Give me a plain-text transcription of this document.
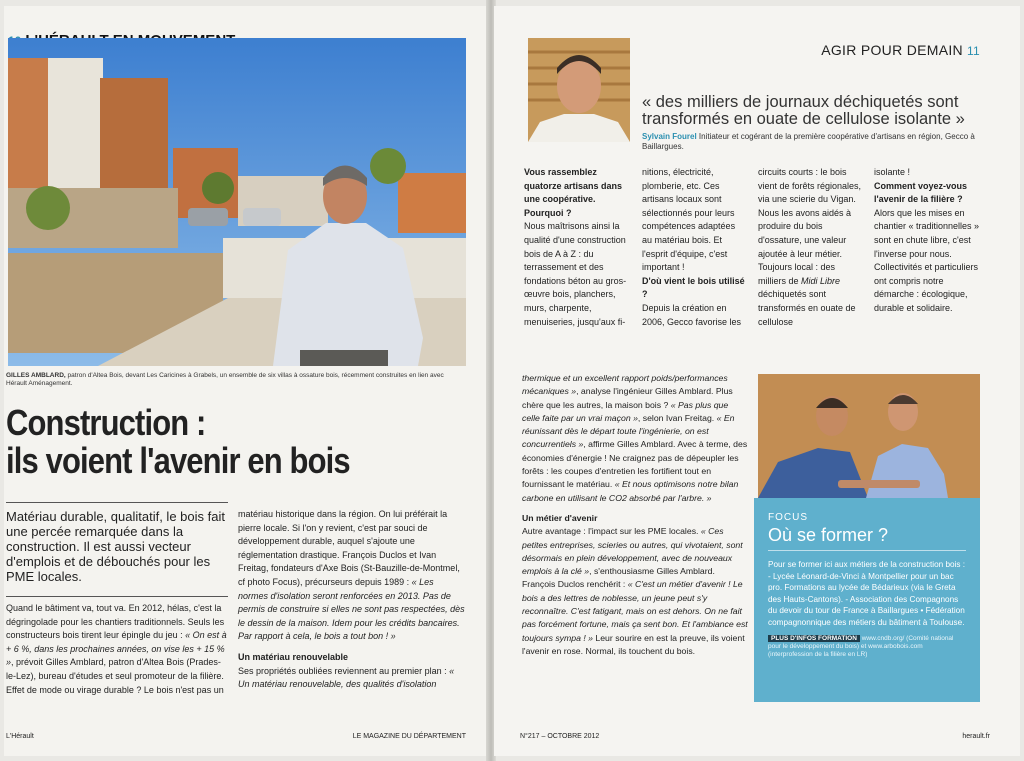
GILLES AMBLARD, patron d'Altea Bois, devant Les Caricines à Grabels, un ensemble de six villas à ossature bois, récemment construites en lien avec Hérault Aménagement.
Construction :
ils voient l'avenir en bois
Matériau durable, qualitatif, le bois fait une percée remarquée dans la construction. Il est aussi vecteur d'emplois et de débouchés pour les PME locales.
Quand le bâtiment va, tout va. En 2012, hélas, c'est la dégringolade pour les chantiers traditionnels. Seuls les constructeurs bois tirent leur épingle du jeu : « On est à + 6 %, dans les prochaines années, on vise les + 15 % », prévoit Gilles Amblard, patron d'Altea Bois (Prades-le-Lez), bureau d'études et seul promoteur de la filière. Effet de mode ou virage durable ? Le bois n'est pas un
matériau historique dans la région. On lui préférait la pierre locale. Si l'on y revient, c'est par souci de développement durable, auquel s'ajoute une réglementation drastique. François Duclos et Ivan Freitag, fondateurs d'Axe Bois (St-Bauzille-de-Montmel, cf photo Focus), précurseurs depuis 1989 : « Les normes d'isolation seront renforcées en 2013. Pas de permis de construire si elles ne sont pas respectées, dès le dessin de la maison. Idem pour les crédits bancaires. Par rapport à cela, le bois a tout bon ! »
Un matériau renouvelable
Ses propriétés oubliées reviennent au premier plan : « Un matériau renouvelable, des qualités d'isolation
L'Hérault	LE MAGAZINE DU DÉPARTEMENT
AGIR POUR DEMAIN 11
« des milliers de journaux déchiquetés sont transformés en ouate de cellulose isolante »
Sylvain Fourel Initiateur et cogérant de la première coopérative d'artisans en région, Gecco à Baillargues.
Vous rassemblez quatorze artisans dans une coopérative. Pourquoi ?
Nous maîtrisons ainsi la qualité d'une construction bois de A à Z : du terrassement et des fondations béton au gros-œuvre bois, planchers, murs, charpente, menuiseries, jusqu'aux fi-
nitions, électricité, plomberie, etc. Ces artisans locaux sont sélectionnés pour leurs compétences adaptées au matériau bois. Et l'esprit d'équipe, c'est important !
D'où vient le bois utilisé ?
Depuis la création en 2006, Gecco favorise les
circuits courts : le bois vient de forêts régionales, via une scierie du Vigan. Nous les avons aidés à produire du bois d'ossature, une valeur ajoutée à leur métier. Toujours local : des milliers de Midi Libre déchiquetés sont transformés en ouate de cellulose
isolante !
Comment voyez-vous l'avenir de la filière ?
Alors que les mises en chantier « traditionnelles » sont en chute libre, c'est l'inverse pour nous. Collectivités et particuliers ont compris notre démarche : écologique, durable et solidaire.
thermique et un excellent rapport poids/performances mécaniques », analyse l'ingénieur Gilles Amblard. Plus chère que les autres, la maison bois ? « Pas plus que celle faite par un vrai maçon », selon Ivan Freitag. « En réunissant dès le départ toute l'ingénierie, on est concurrentiels », affirme Gilles Amblard. Avec à terme, des économies d'énergie ! Ne craignez pas de dépeupler les forêts : les coupes d'entretien les fortifient tout en fournissant le matériau. « Et nous optimisons notre bilan carbone en utilisant le CO2 absorbé par l'arbre. »
Un métier d'avenir
Autre avantage : l'impact sur les PME locales. « Ces petites entreprises, scieries ou autres, qui vivotaient, sont désormais en plein développement, avec de nouveaux emplois à la clé », s'enthousiasme Gilles Amblard. François Duclos renchérit : « C'est un métier d'avenir ! Le bois a des lettres de noblesse, un jeune peut s'y reconnaître. C'est fatigant, mais on est dehors. On ne fait pas forcément fortune, mais ça sent bon. Et l'ambiance est toujours sympa ! » Leur sourire en est la preuve, ils voient l'avenir en rose. Normal, ils touchent du bois.
FOCUS
Où se former ?
Pour se former ici aux métiers de la construction bois : - Lycée Léonard-de-Vinci à Montpellier pour un bac pro. Formations au lycée de Bédarieux (via le Greta des Hauts-Cantons). - Association des Compagnons du devoir du tour de France à Baillargues • Fédération compagnonnique des métiers du bâtiment à Toulouse.
PLUS D'INFOS FORMATION www.cndb.org/ (Comité national pour le développement du bois) et www.arbobois.com (interprofession de la filière en LR)
N°217 – OCTOBRE 2012	herault.fr
